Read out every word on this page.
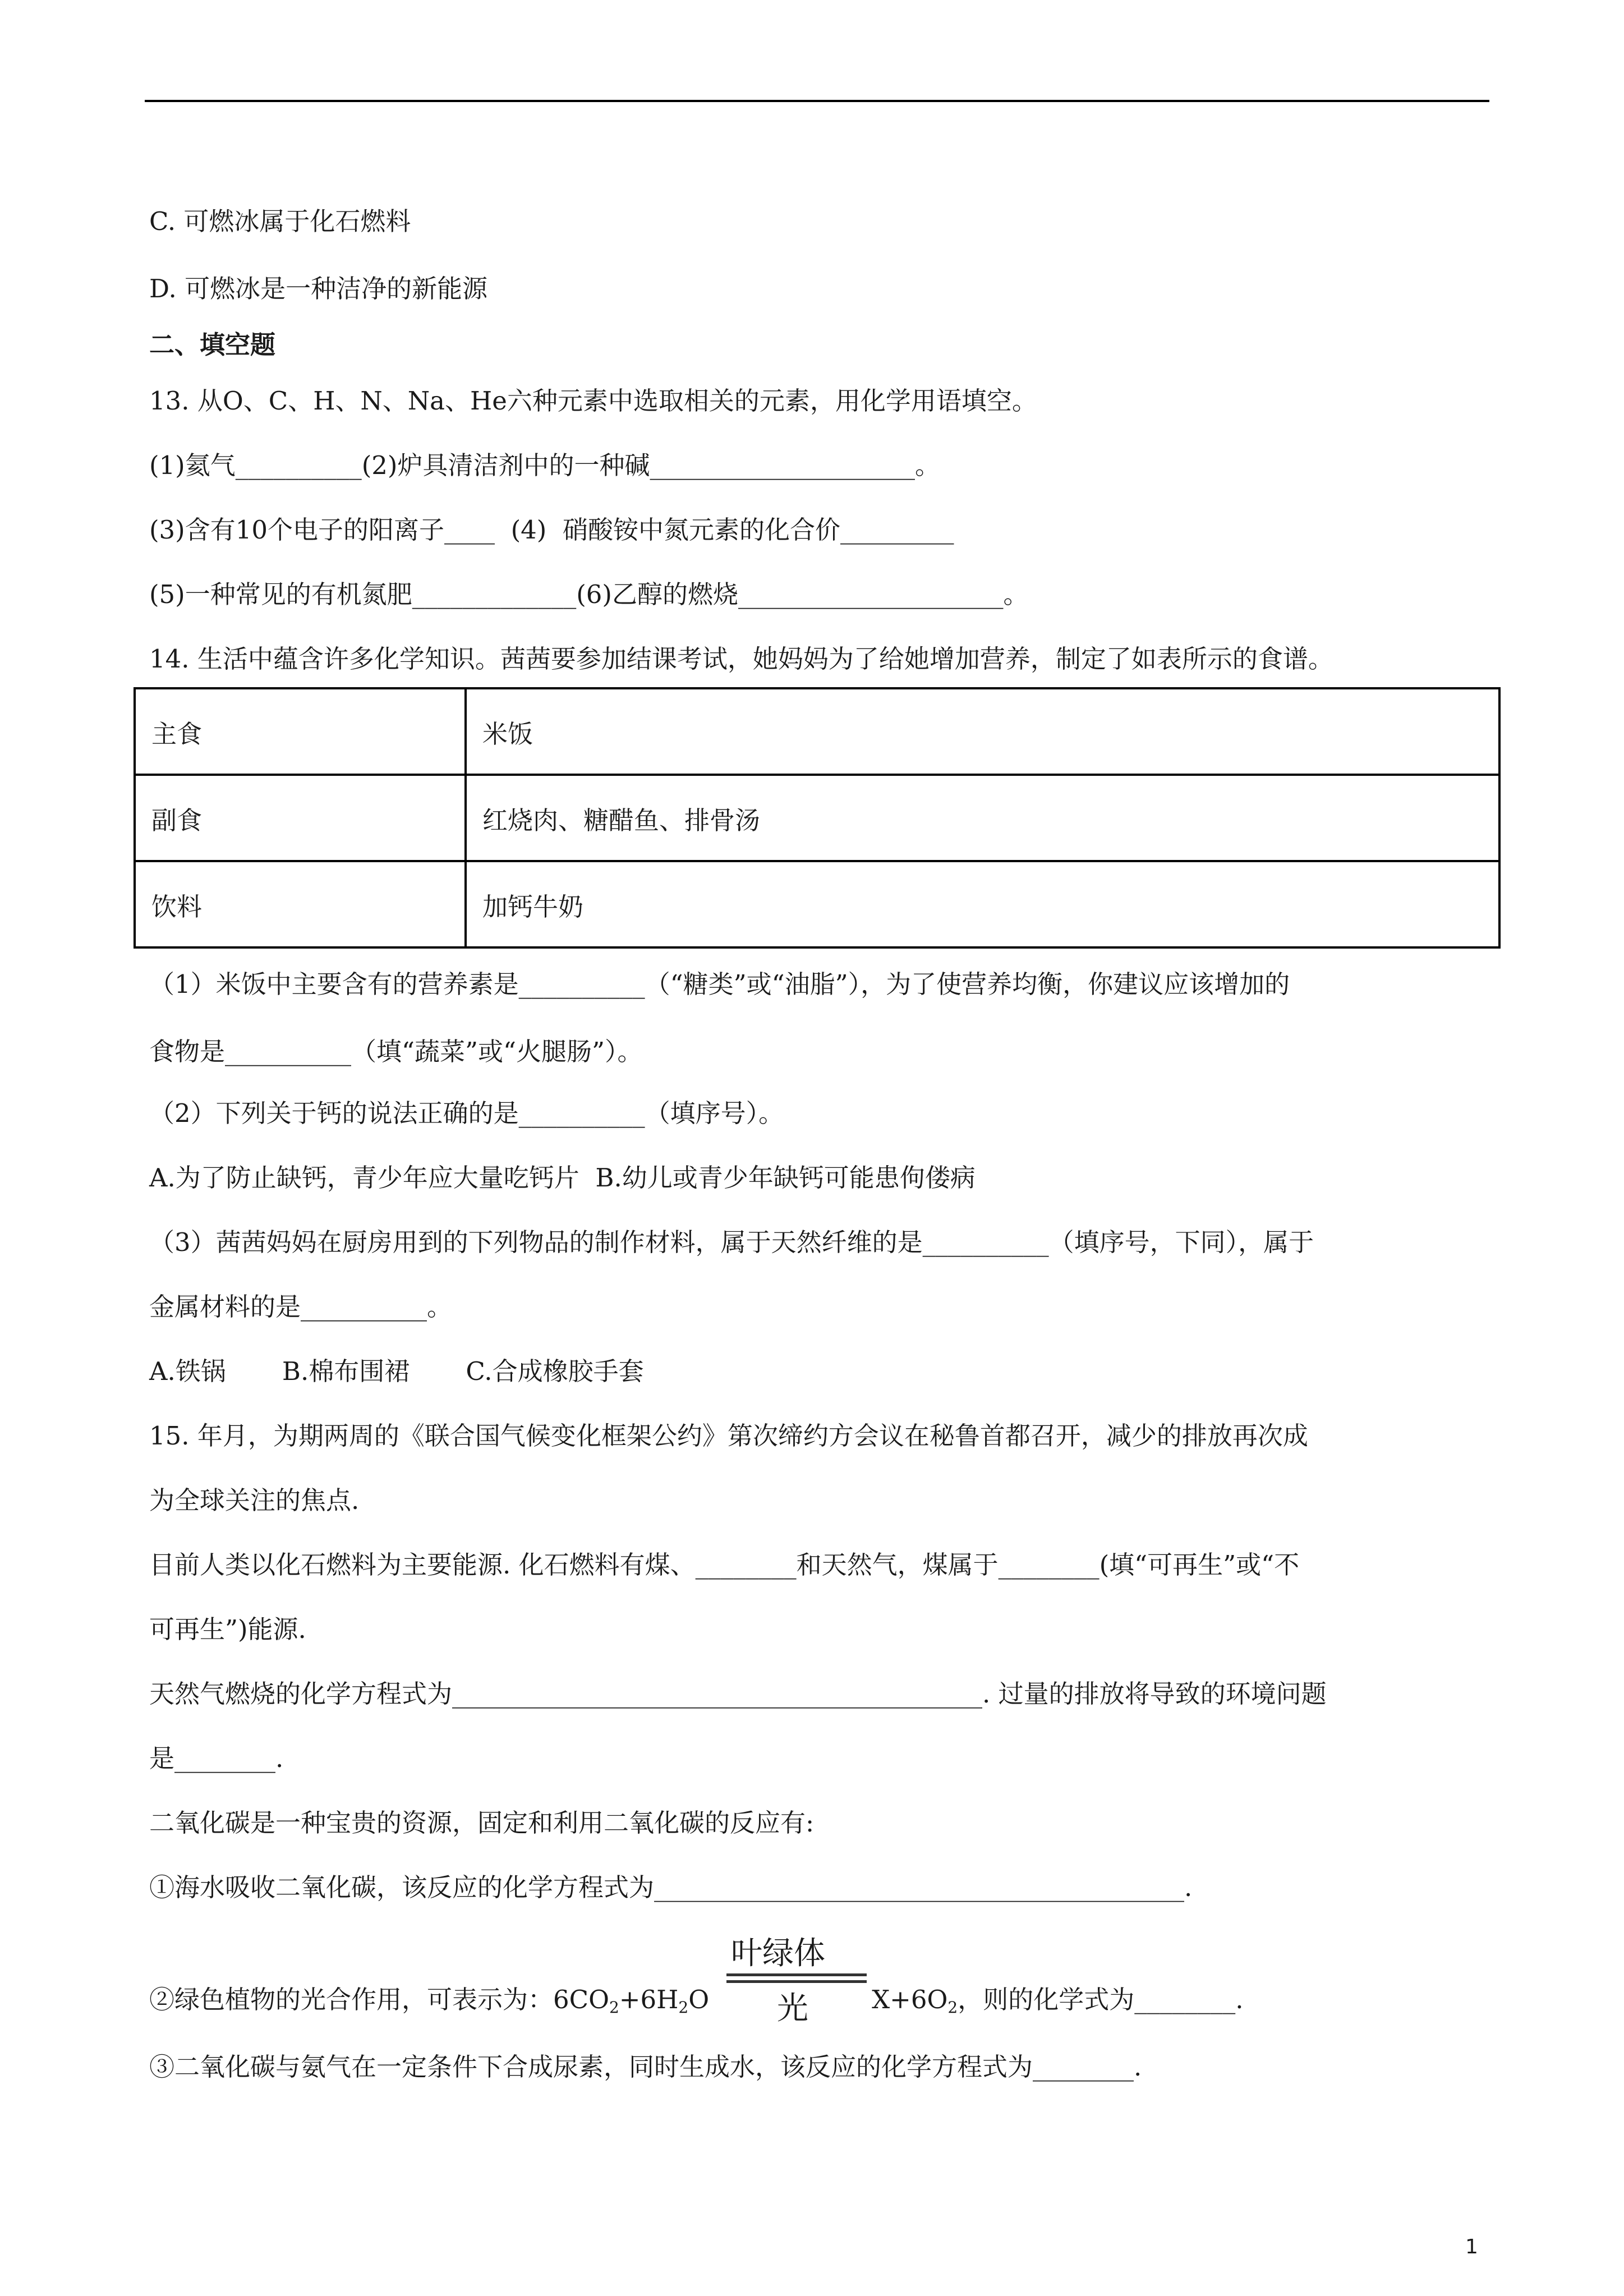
C. 可燃冰属于化石燃料
D. 可燃冰是一种洁净的新能源
二、填空题
13. 从O、C、H、N、Na、He六种元素中选取相关的元素，用化学用语填空。
(1)氦气__________(2)炉具清洁剂中的一种碱_____________________。
(3)含有10个电子的阳离子____  (4)  硝酸铵中氮元素的化合价_________
(5)一种常见的有机氮肥_____________(6)乙醇的燃烧_____________________。
14. 生活中蕴含许多化学知识。茜茜要参加结课考试，她妈妈为了给她增加营养，制定了如表所示的食谱。
主食	米饭
副食	红烧肉、糖醋鱼、排骨汤
饮料	加钙牛奶
（1）米饭中主要含有的营养素是__________（“糖类”或“油脂”），为了使营养均衡，你建议应该增加的
食物是__________（填“蔬菜”或“火腿肠”）。
（2）下列关于钙的说法正确的是__________（填序号）。
A.为了防止缺钙，青少年应大量吃钙片  B.幼儿或青少年缺钙可能患佝偻病
（3）茜茜妈妈在厨房用到的下列物品的制作材料，属于天然纤维的是__________（填序号，下同），属于
金属材料的是__________。
A.铁锅       B.棉布围裙       C.合成橡胶手套
15. 年月，为期两周的《联合国气候变化框架公约》第次缔约方会议在秘鲁首都召开，减少的排放再次成
为全球关注的焦点.
目前人类以化石燃料为主要能源. 化石燃料有煤、________和天然气，煤属于________(填“可再生”或“不
可再生”)能源.
天然气燃烧的化学方程式为__________________________________________. 过量的排放将导致的环境问题
是________.
二氧化碳是一种宝贵的资源，固定和利用二氧化碳的反应有:
①海水吸收二氧化碳，该反应的化学方程式为__________________________________________.
叶绿体
光
②绿色植物的光合作用，可表示为：$6CO_2+6H_2O$	$X+6O_2$，则的化学式为________.
③二氧化碳与氨气在一定条件下合成尿素，同时生成水，该反应的化学方程式为________.
1
